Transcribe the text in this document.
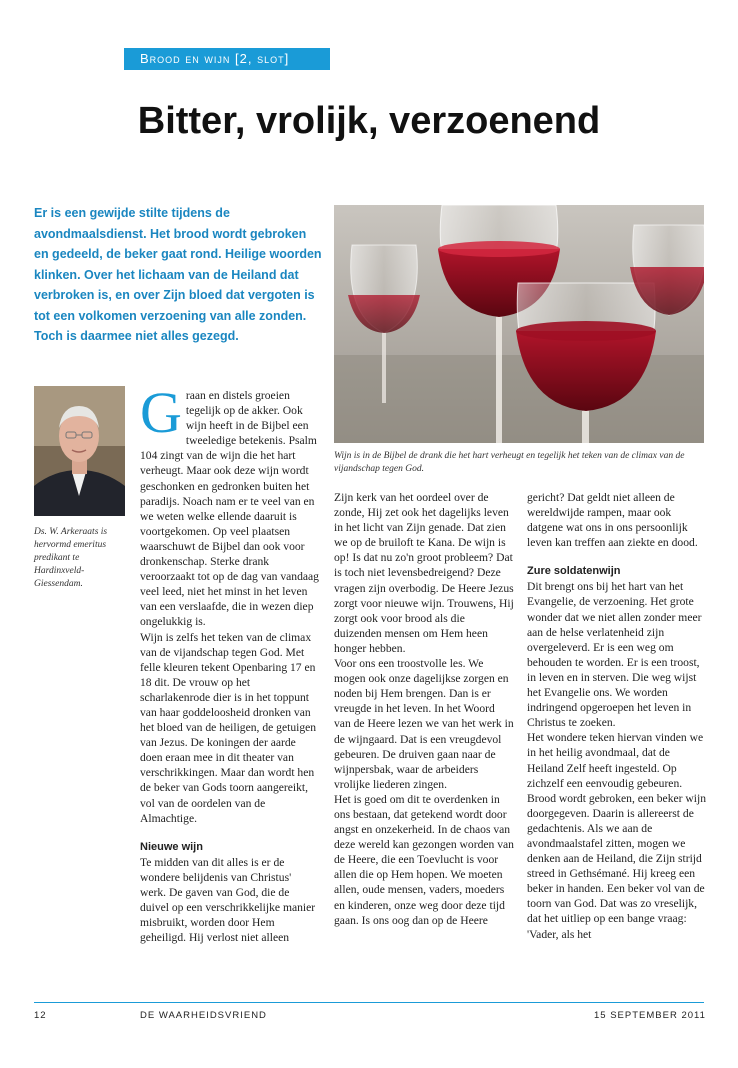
Brood en wijn [2, slot]
Bitter, vrolijk, verzoenend

Er is een gewijde stilte tijdens de avondmaalsdienst. Het brood wordt gebroken en gedeeld, de beker gaat rond. Heilige woorden klinken. Over het lichaam van de Heiland dat verbroken is, en over Zijn bloed dat vergoten is tot een volkomen verzoening van alle zonden. Toch is daarmee niet alles gezegd.

Wijn is in de Bijbel de drank die het hart verheugt en tegelijk het teken van de climax van de vijandschap tegen God.

Ds. W. Arkeraats is hervormd emeritus predikant te Hardinxveld-Giessendam.

Graan en distels groeien tegelijk op de akker. Ook wijn heeft in de Bijbel een tweeledige betekenis. Psalm 104 zingt van de wijn die het hart verheugt. Maar ook deze wijn wordt geschonken en gedronken buiten het paradijs. Noach nam er te veel van en we weten welke ellende daaruit is voortgekomen. Op veel plaatsen waarschuwt de Bijbel dan ook voor dronkenschap. Sterke drank veroorzaakt tot op de dag van vandaag veel leed, niet het minst in het leven van een verslaafde, die in wezen diep ongelukkig is.

Wijn is zelfs het teken van de climax van de vijandschap tegen God. Met felle kleuren tekent Openbaring 17 en 18 dit. De vrouw op het scharlakenrode dier is in het toppunt van haar goddeloosheid dronken van het bloed van de heiligen, de getuigen van Jezus. De koningen der aarde doen eraan mee in dit theater van verschrikkingen. Maar dan wordt hen de beker van Gods toorn aangereikt, vol van de oordelen van de Almachtige.

Nieuwe wijn

Te midden van dit alles is er de wondere belijdenis van Christus' werk. De gaven van God, die de duivel op een verschrikkelijke manier misbruikt, worden door Hem geheiligd. Hij verlost niet alleen

Zijn kerk van het oordeel over de zonde, Hij zet ook het dagelijks leven in het licht van Zijn genade. Dat zien we op de bruiloft te Kana. De wijn is op! Is dat nu zo'n groot probleem? Dat is toch niet levensbedreigend? Deze vragen zijn overbodig. De Heere Jezus zorgt voor nieuwe wijn. Trouwens, Hij zorgt ook voor brood als die duizenden mensen om Hem heen honger hebben.

Voor ons een troostvolle les. We mogen ook onze dagelijkse zorgen en noden bij Hem brengen. Dan is er vreugde in het leven. In het Woord van de Heere lezen we van het werk in de wijngaard. Dat is een vreugdevol gebeuren. De druiven gaan naar de wijnpersbak, waar de arbeiders vrolijke liederen zingen.

Het is goed om dit te overdenken in ons bestaan, dat getekend wordt door angst en onzekerheid. In de chaos van deze wereld kan gezongen worden van de Heere, die een Toevlucht is voor allen die op Hem hopen. We moeten allen, oude mensen, vaders, moeders en kinderen, onze weg door deze tijd gaan. Is ons oog dan op de Heere

gericht? Dat geldt niet alleen de wereldwijde rampen, maar ook datgene wat ons in ons persoonlijk leven kan treffen aan ziekte en dood.

Zure soldatenwijn

Dit brengt ons bij het hart van het Evangelie, de verzoening. Het grote wonder dat we niet allen zonder meer aan de helse verlatenheid zijn overgeleverd. Er is een weg om behouden te worden. Er is een troost, in leven en in sterven. Die weg wijst het Evangelie ons. We worden indringend opgeroepen het leven in Christus te zoeken.

Het wondere teken hiervan vinden we in het heilig avondmaal, dat de Heiland Zelf heeft ingesteld. Op zichzelf een eenvoudig gebeuren. Brood wordt gebroken, een beker wijn doorgegeven. Daarin is allereerst de gedachtenis. Als we aan de avondmaalstafel zitten, mogen we denken aan de Heiland, die Zijn strijd streed in Gethsémané. Hij kreeg een beker in handen. Een beker vol van de toorn van God. Dat was zo vreselijk, dat het uitliep op een bange vraag: 'Vader, als het

12	DE WAARHEIDSVRIEND	15 SEPTEMBER 2011
